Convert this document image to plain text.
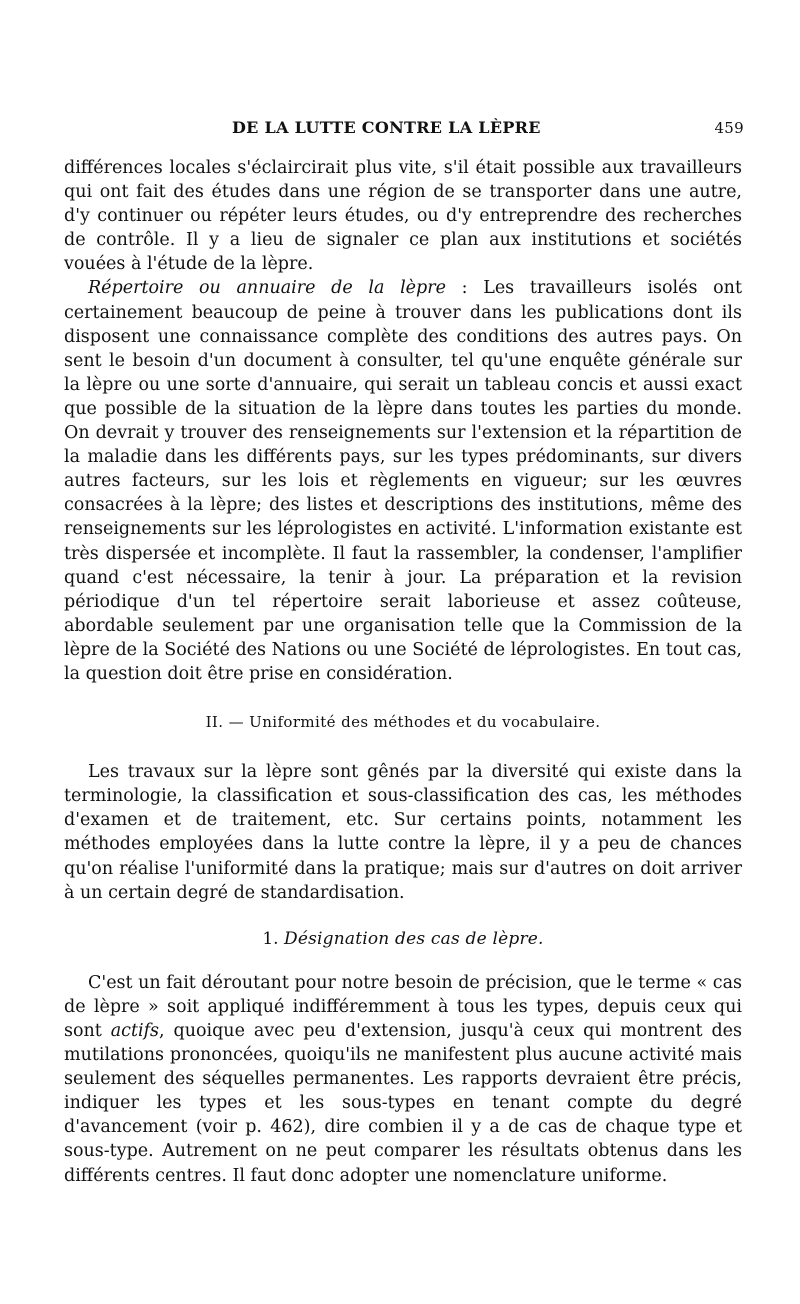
DE LA LUTTE CONTRE LA LÈPRE	459

différences locales s'éclaircirait plus vite, s'il était possible aux travailleurs qui ont fait des études dans une région de se transporter dans une autre, d'y continuer ou répéter leurs études, ou d'y entreprendre des recherches de contrôle. Il y a lieu de signaler ce plan aux institutions et sociétés vouées à l'étude de la lèpre.

Répertoire ou annuaire de la lèpre : Les travailleurs isolés ont certainement beaucoup de peine à trouver dans les publications dont ils disposent une connaissance complète des conditions des autres pays. On sent le besoin d'un document à consulter, tel qu'une enquête générale sur la lèpre ou une sorte d'annuaire, qui serait un tableau concis et aussi exact que possible de la situation de la lèpre dans toutes les parties du monde. On devrait y trouver des renseignements sur l'extension et la répartition de la maladie dans les différents pays, sur les types prédominants, sur divers autres facteurs, sur les lois et règlements en vigueur; sur les œuvres consacrées à la lèpre; des listes et descriptions des institutions, même des renseignements sur les léprologistes en activité. L'information existante est très dispersée et incomplète. Il faut la rassembler, la condenser, l'amplifier quand c'est nécessaire, la tenir à jour. La préparation et la revision périodique d'un tel répertoire serait laborieuse et assez coûteuse, abordable seulement par une organisation telle que la Commission de la lèpre de la Société des Nations ou une Société de léprologistes. En tout cas, la question doit être prise en considération.

II. — Uniformité des méthodes et du vocabulaire.

Les travaux sur la lèpre sont gênés par la diversité qui existe dans la terminologie, la classification et sous-classification des cas, les méthodes d'examen et de traitement, etc. Sur certains points, notamment les méthodes employées dans la lutte contre la lèpre, il y a peu de chances qu'on réalise l'uniformité dans la pratique; mais sur d'autres on doit arriver à un certain degré de standardisation.

1. Désignation des cas de lèpre.

C'est un fait déroutant pour notre besoin de précision, que le terme « cas de lèpre » soit appliqué indifféremment à tous les types, depuis ceux qui sont actifs, quoique avec peu d'extension, jusqu'à ceux qui montrent des mutilations prononcées, quoiqu'ils ne manifestent plus aucune activité mais seulement des séquelles permanentes. Les rapports devraient être précis, indiquer les types et les sous-types en tenant compte du degré d'avancement (voir p. 462), dire combien il y a de cas de chaque type et sous-type. Autrement on ne peut comparer les résultats obtenus dans les différents centres. Il faut donc adopter une nomenclature uniforme.
